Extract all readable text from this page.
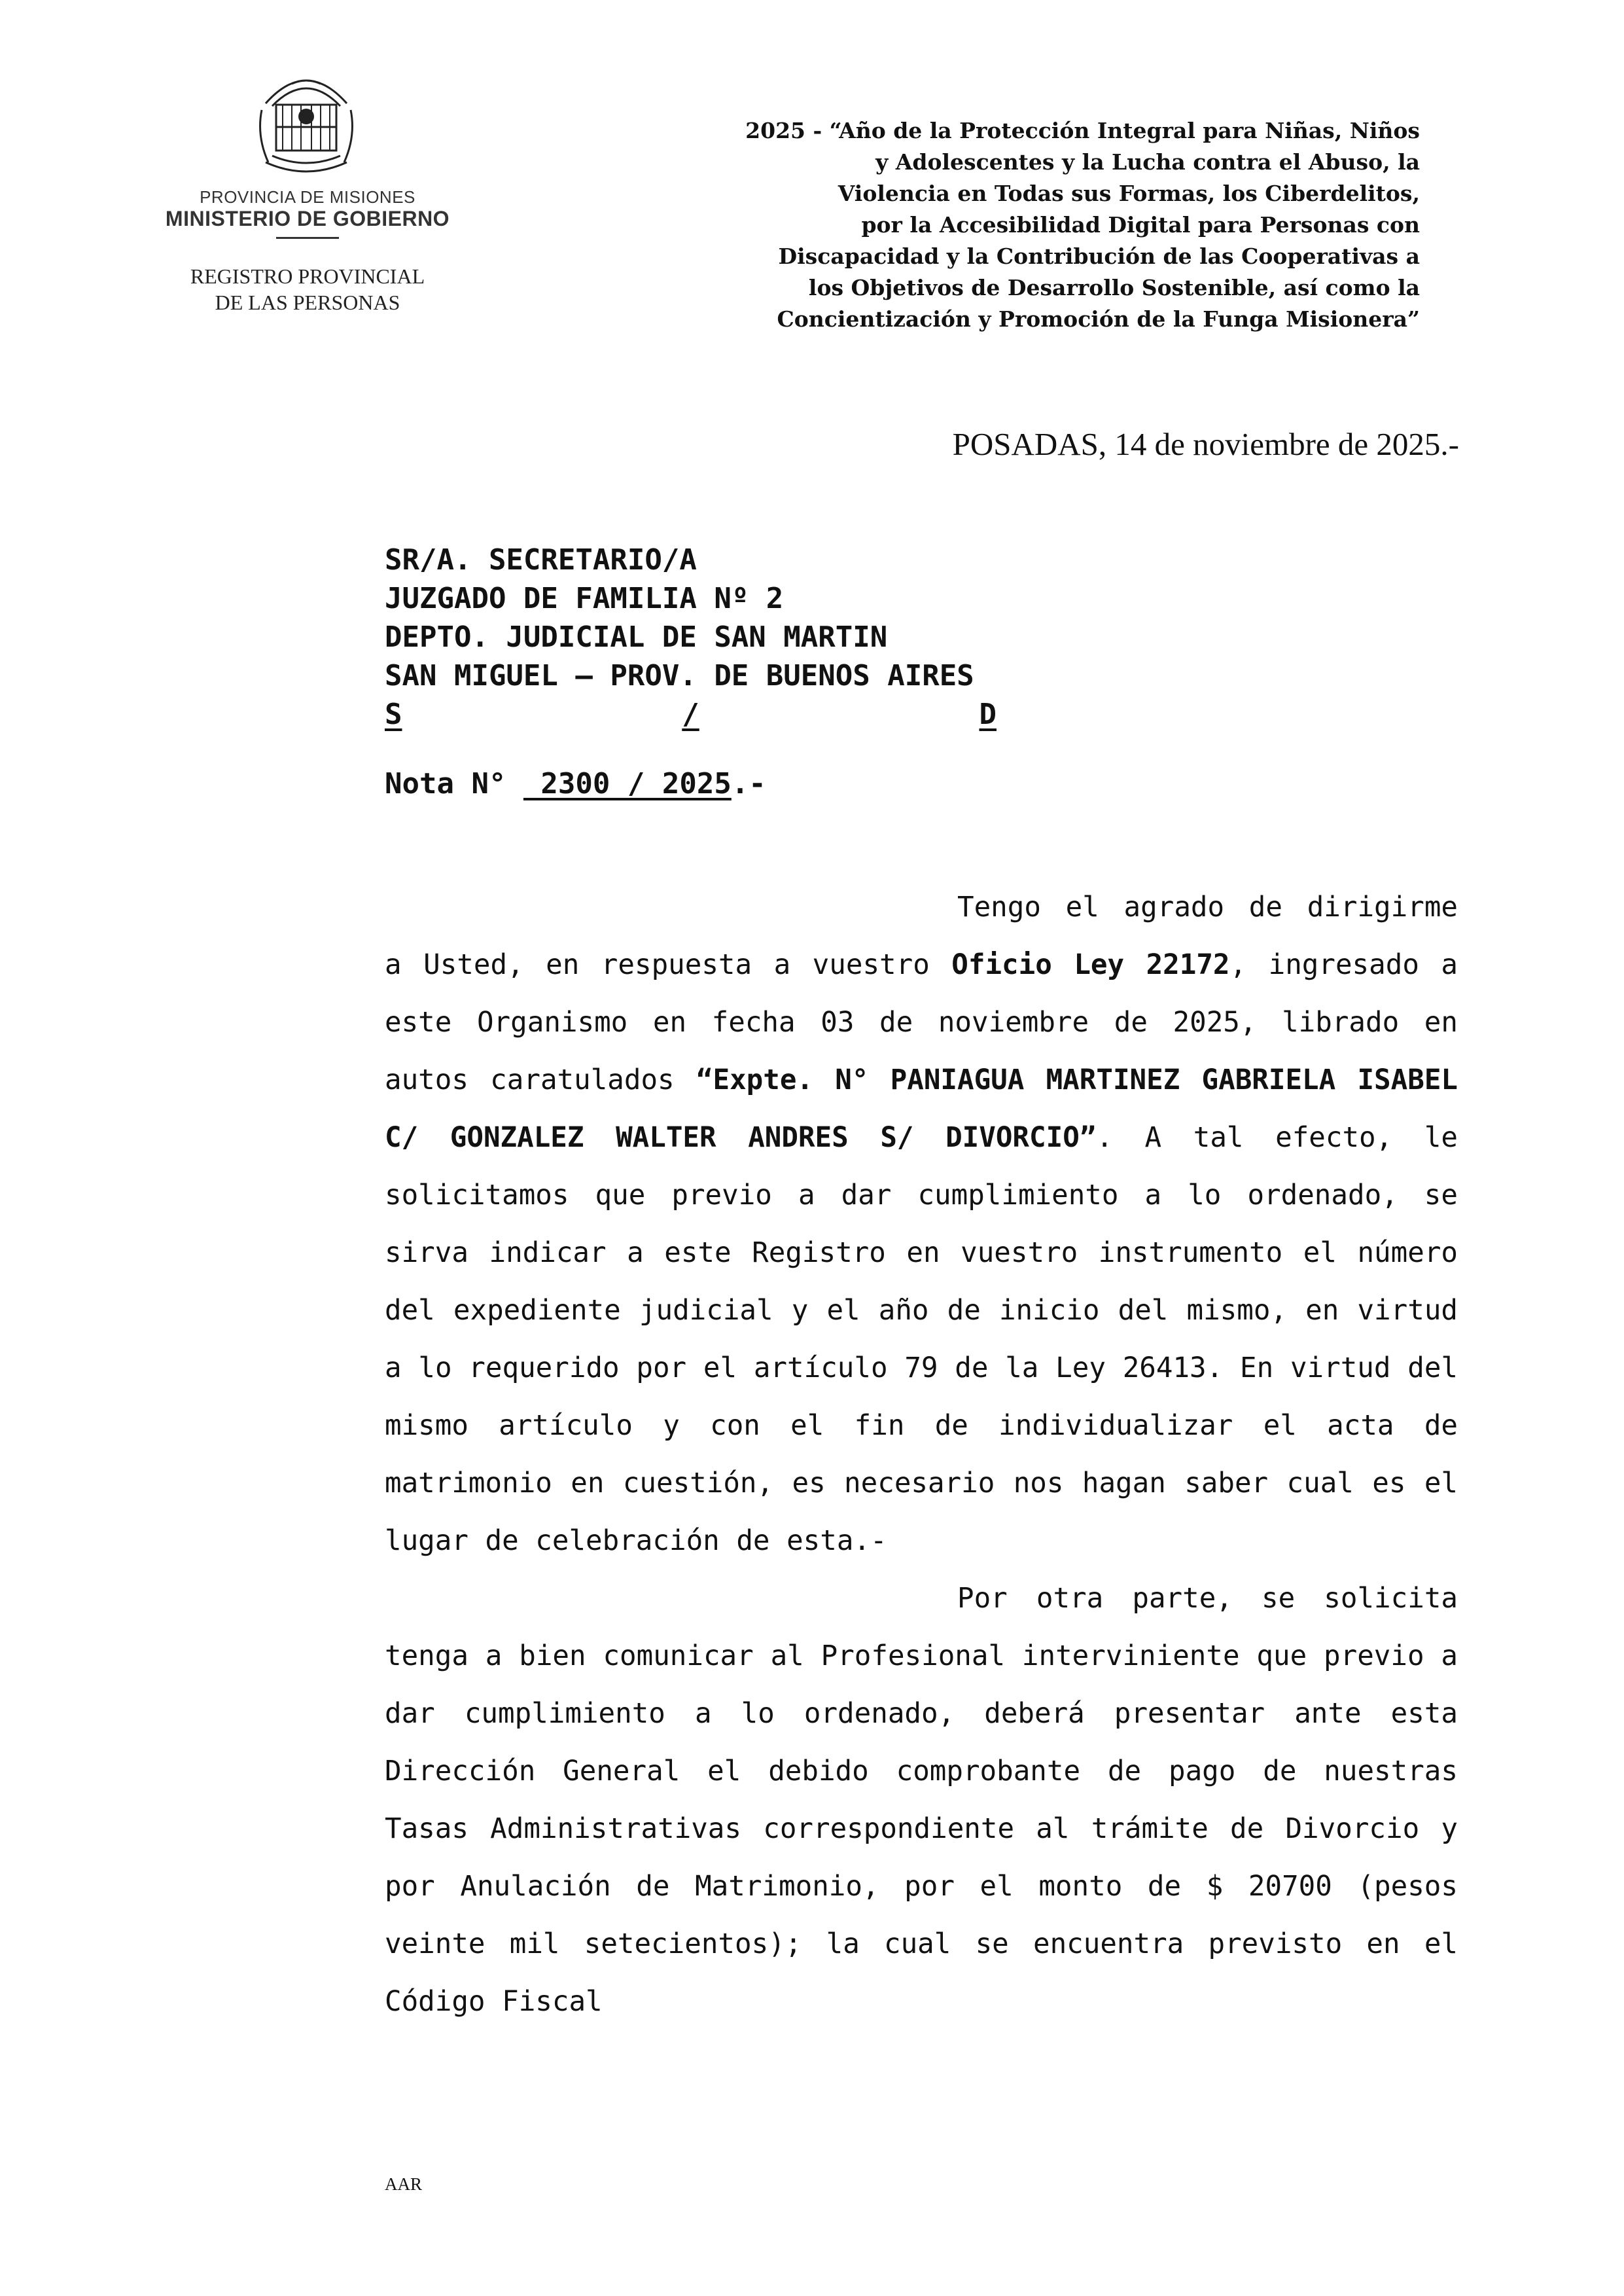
PROVINCIA DE MISIONES
MINISTERIO DE GOBIERNO
REGISTRO PROVINCIAL
DE LAS PERSONAS
2025 - “Año de la Protección Integral para Niñas, Niños
y Adolescentes y la Lucha contra el Abuso, la
Violencia en Todas sus Formas, los Ciberdelitos,
por la Accesibilidad Digital para Personas con
Discapacidad y la Contribución de las Cooperativas a
los Objetivos de Desarrollo Sostenible, así como la
Concientización y Promoción de la Funga Misionera”
POSADAS, 14 de noviembre de 2025.-
SR/A. SECRETARIO/A
JUZGADO DE FAMILIA Nº 2
DEPTO. JUDICIAL DE SAN MARTIN
SAN MIGUEL – PROV. DE BUENOS AIRES
S	/	D
Nota N°  2300 / 2025.-

Tengo el agrado de dirigirme a Usted, en respuesta a vuestro Oficio Ley 22172, ingresado a este Organismo en fecha 03 de noviembre de 2025, librado en autos caratulados “Expte. N° PANIAGUA MARTINEZ GABRIELA ISABEL C/ GONZALEZ WALTER ANDRES S/ DIVORCIO”. A tal efecto, le solicitamos que previo a dar cumplimiento a lo ordenado, se sirva indicar a este Registro en vuestro instrumento el número del expediente judicial y el año de inicio del mismo, en virtud a lo requerido por el artículo 79 de la Ley 26413. En virtud del mismo artículo y con el fin de individualizar el acta de matrimonio en cuestión, es necesario nos hagan saber cual es el lugar de celebración de esta.-

Por otra parte, se solicita tenga a bien comunicar al Profesional interviniente que previo a dar cumplimiento a lo ordenado, deberá presentar ante esta Dirección General el debido comprobante de pago de nuestras Tasas Administrativas correspondiente al trámite de Divorcio y por Anulación de Matrimonio, por el monto de $ 20700 (pesos veinte mil setecientos); la cual se encuentra previsto en el Código Fiscal

AAR
